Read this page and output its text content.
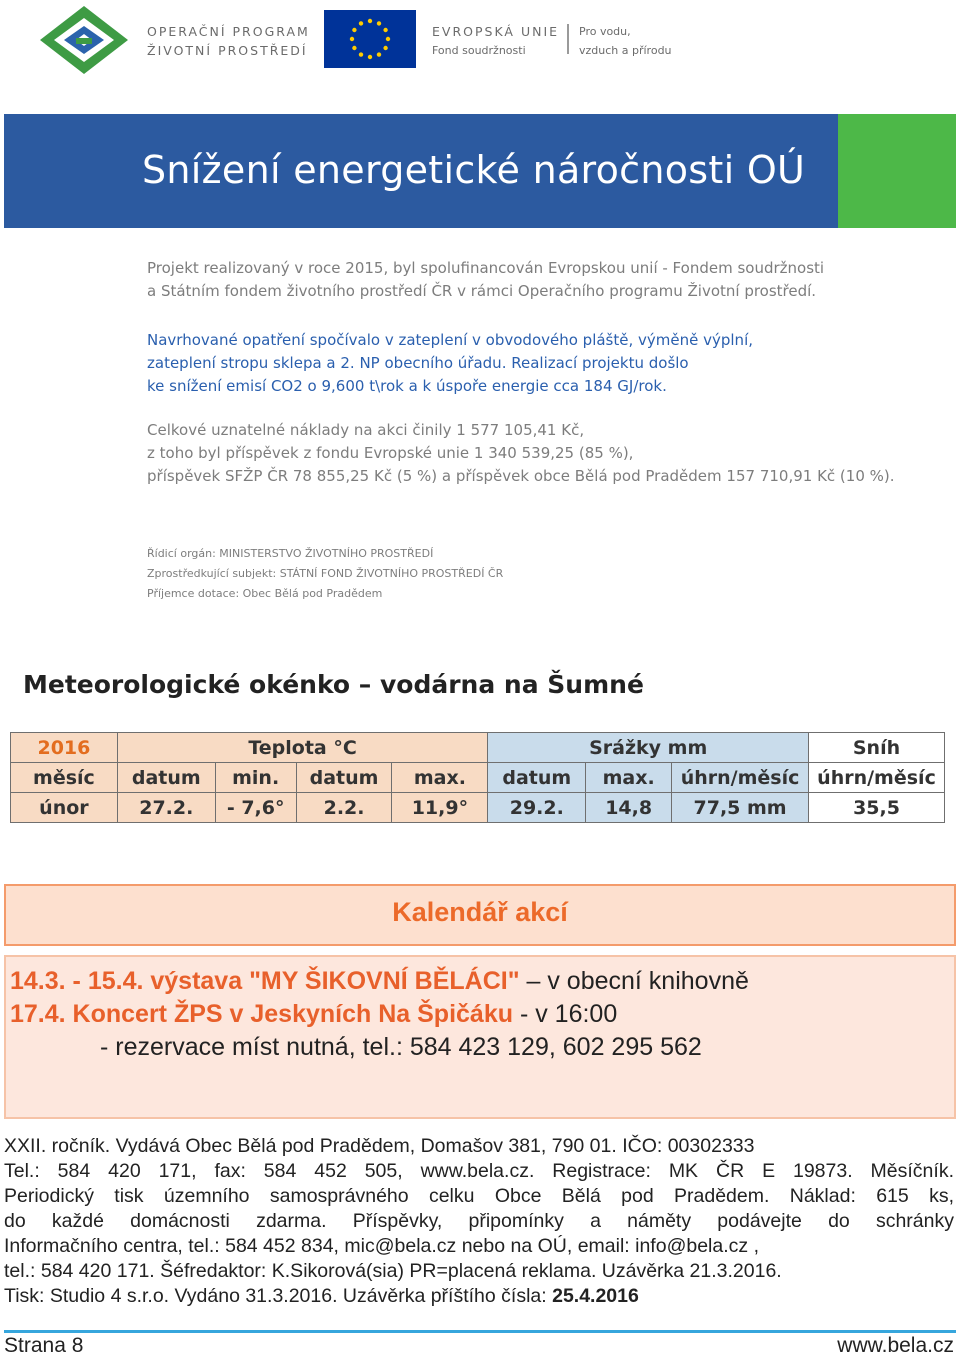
OPERAČNÍ PROGRAM
ŽIVOTNÍ PROSTŘEDÍ
EVROPSKÁ UNIE
Fond soudržnosti
Pro vodu,
vzduch a přírodu
Snížení energetické náročnosti OÚ
Projekt realizovaný v roce 2015, byl spolufinancován Evropskou unií - Fondem soudržnosti
a Státním fondem životního prostředí ČR v rámci Operačního programu Životní prostředí.
Navrhované opatření spočívalo v zateplení v obvodového pláště, výměně výplní,
zateplení stropu sklepa a 2. NP obecního úřadu. Realizací projektu došlo
ke snížení emisí CO2 o 9,600 t\rok a k úspoře energie cca 184 GJ/rok.
Celkové uznatelné náklady na akci činily 1 577 105,41 Kč,
z toho byl příspěvek z fondu Evropské unie 1 340 539,25 (85 %),
příspěvek SFŽP ČR 78 855,25 Kč (5 %) a příspěvek obce Bělá pod Pradědem 157 710,91 Kč (10 %).
Řídicí orgán: MINISTERSTVO ŽIVOTNÍHO PROSTŘEDÍ
Zprostředkující subjekt: STÁTNÍ FOND ŽIVOTNÍHO PROSTŘEDÍ ČR
Příjemce dotace: Obec Bělá pod Pradědem
Meteorologické okénko – vodárna na Šumné
2016	Teplota °C				Srážky mm			Sníh
měsíc	datum	min.	datum	max.	datum	max.	úhrn/měsíc	úhrn/měsíc
únor	27.2.	- 7,6°	2.2.	11,9°	29.2.	14,8	77,5 mm	35,5
Kalendář akcí
14.3. - 15.4. výstava "MY ŠIKOVNÍ BĚLÁCI" – v obecní knihovně
17.4. Koncert ŽPS v Jeskyních Na Špičáku - v 16:00
- rezervace míst nutná, tel.: 584 423 129, 602 295 562
XXII. ročník. Vydává Obec Bělá pod Pradědem, Domašov 381, 790 01. IČO: 00302333
Tel.: 584 420 171, fax: 584 452 505, www.bela.cz. Registrace: MK ČR E 19873. Měsíčník.
Periodický tisk územního samosprávného celku Obce Bělá pod Pradědem. Náklad: 615 ks,
do každé domácnosti zdarma. Příspěvky, připomínky a náměty podávejte do schránky
Informačního centra, tel.: 584 452 834, mic@bela.cz nebo na OÚ, email: info@bela.cz ,
tel.: 584 420 171. Šéfredaktor: K.Sikorová(sia) PR=placená reklama. Uzávěrka 21.3.2016.
Tisk: Studio 4 s.r.o. Vydáno 31.3.2016. Uzávěrka příštího čísla: 25.4.2016
Strana 8	www.bela.cz
